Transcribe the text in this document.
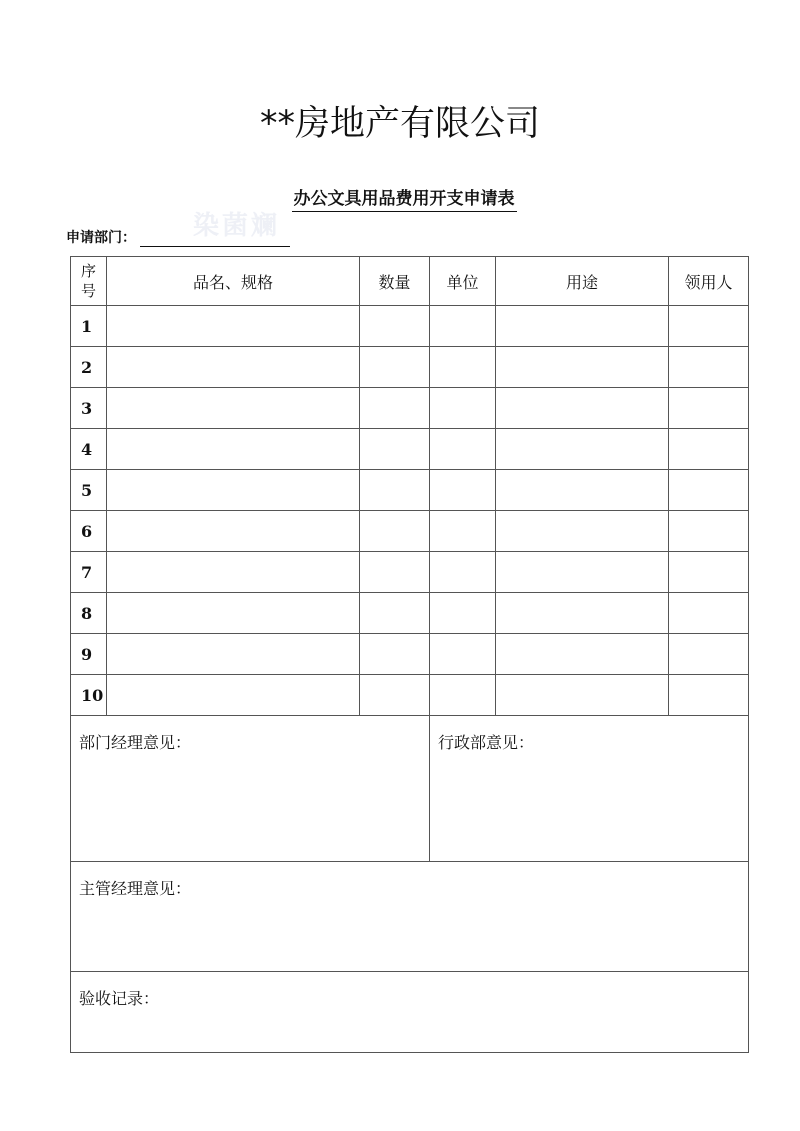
**房地产有限公司
办公文具用品费用开支申请表
染菌斓
申请部门：
序
号	品名、规格	数量	单位	用途	领用人
1					
2					
3					
4					
5					
6					
7					
8					
9					
10					
部门经理意见：			行政部意见：		
主管经理意见：					
验收记录：					
